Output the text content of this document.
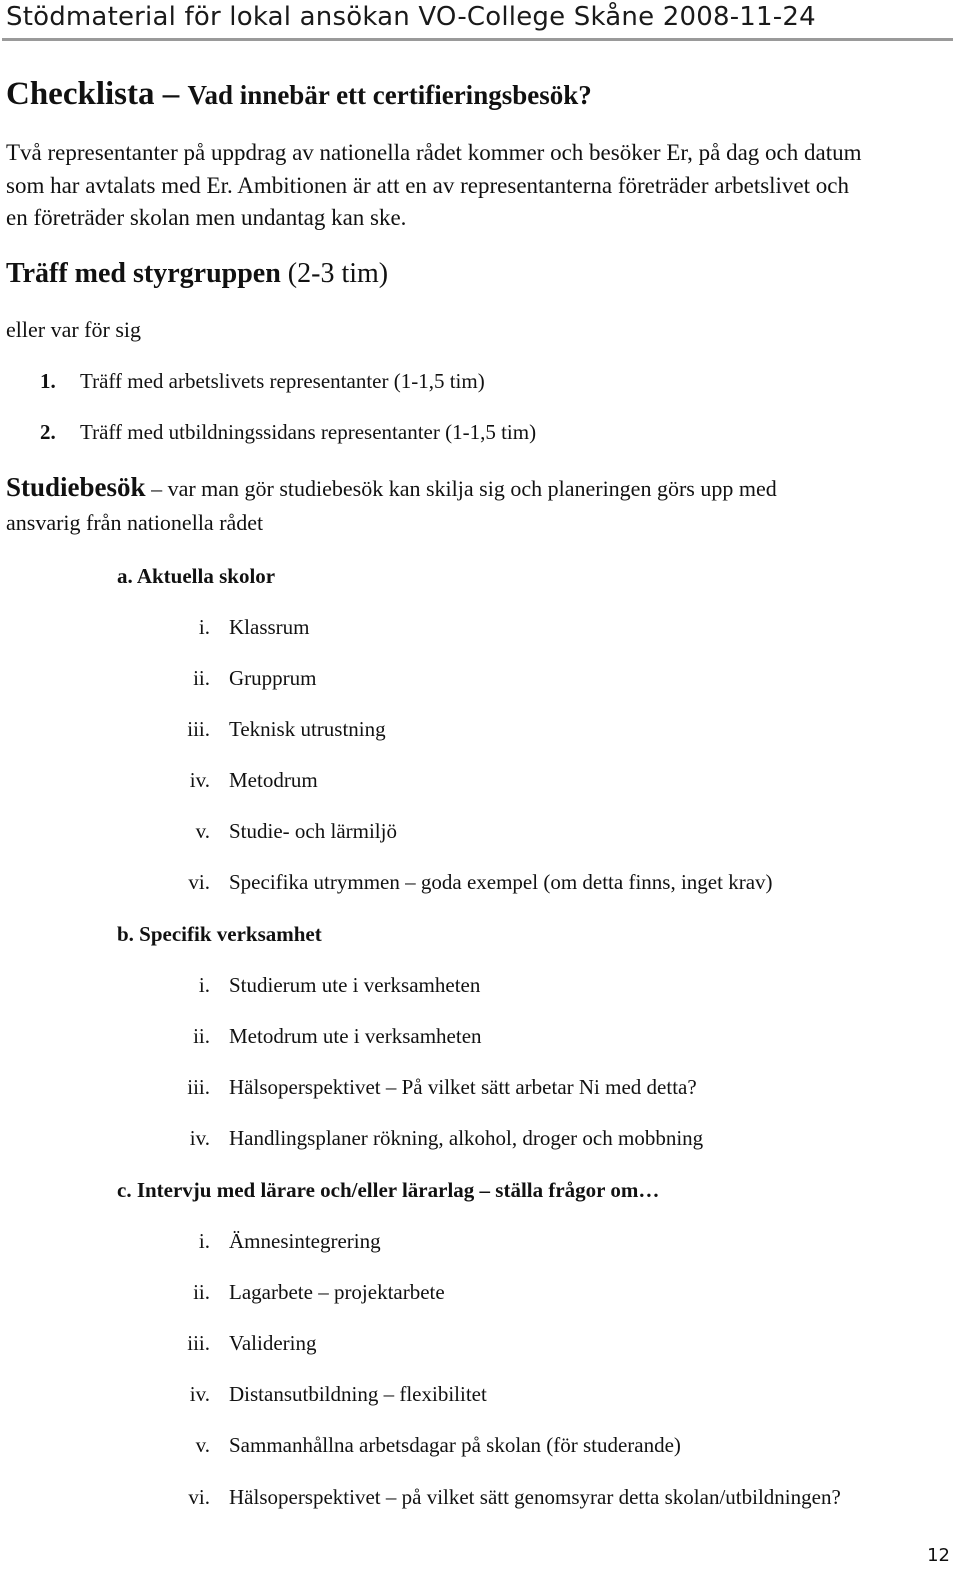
Stödmaterial för lokal ansökan VO-College Skåne 2008-11-24
Checklista – Vad innebär ett certifieringsbesök?

Två representanter på uppdrag av nationella rådet kommer och besöker Er, på dag och datum

som har avtalats med Er. Ambitionen är att en av representanterna företräder arbetslivet och

en företräder skolan men undantag kan ske.

Träff med styrgruppen (2-3 tim)
eller var för sig
1. Träff med arbetslivets representanter (1-1,5 tim)
2. Träff med utbildningssidans representanter (1-1,5 tim)
Studiebesök – var man gör studiebesök kan skilja sig och planeringen görs upp med
ansvarig från nationella rådet
a. Aktuella skolor
i. Klassrum
ii. Grupprum
iii. Teknisk utrustning
iv. Metodrum
v. Studie- och lärmiljö
vi. Specifika utrymmen – goda exempel (om detta finns, inget krav)
b. Specifik verksamhet
i. Studierum ute i verksamheten
ii. Metodrum ute i verksamheten
iii. Hälsoperspektivet – På vilket sätt arbetar Ni med detta?
iv. Handlingsplaner rökning, alkohol, droger och mobbning
c. Intervju med lärare och/eller lärarlag – ställa frågor om…
i. Ämnesintegrering
ii. Lagarbete – projektarbete
iii. Validering
iv. Distansutbildning – flexibilitet
v. Sammanhållna arbetsdagar på skolan (för studerande)
vi. Hälsoperspektivet – på vilket sätt genomsyrar detta skolan/utbildningen?
12
